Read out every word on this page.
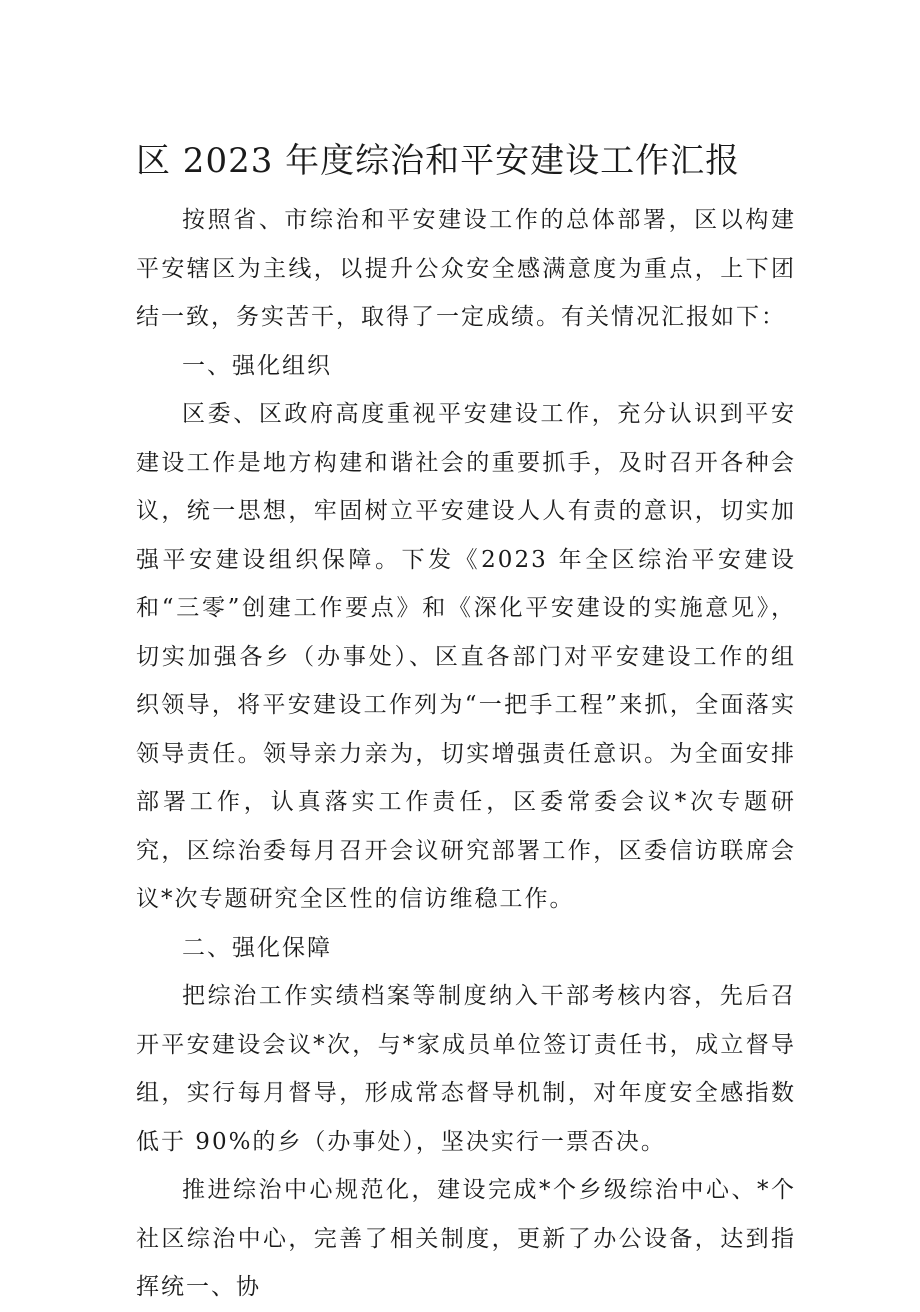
区 2023 年度综治和平安建设工作汇报

按照省、市综治和平安建设工作的总体部署，区以构建平安辖区为主线，以提升公众安全感满意度为重点，上下团结一致，务实苦干，取得了一定成绩。有关情况汇报如下：

一、强化组织

区委、区政府高度重视平安建设工作，充分认识到平安建设工作是地方构建和谐社会的重要抓手，及时召开各种会议，统一思想，牢固树立平安建设人人有责的意识，切实加强平安建设组织保障。下发《2023 年全区综治平安建设和“三零”创建工作要点》和《深化平安建设的实施意见》，切实加强各乡（办事处）、区直各部门对平安建设工作的组织领导，将平安建设工作列为“一把手工程”来抓，全面落实领导责任。领导亲力亲为，切实增强责任意识。为全面安排部署工作，认真落实工作责任，区委常委会议*次专题研究，区综治委每月召开会议研究部署工作，区委信访联席会议*次专题研究全区性的信访维稳工作。

二、强化保障

把综治工作实绩档案等制度纳入干部考核内容，先后召开平安建设会议*次，与*家成员单位签订责任书，成立督导组，实行每月督导，形成常态督导机制，对年度安全感指数低于 90%的乡（办事处），坚决实行一票否决。

推进综治中心规范化，建设完成*个乡级综治中心、*个社区综治中心，完善了相关制度，更新了办公设备，达到指挥统一、协
